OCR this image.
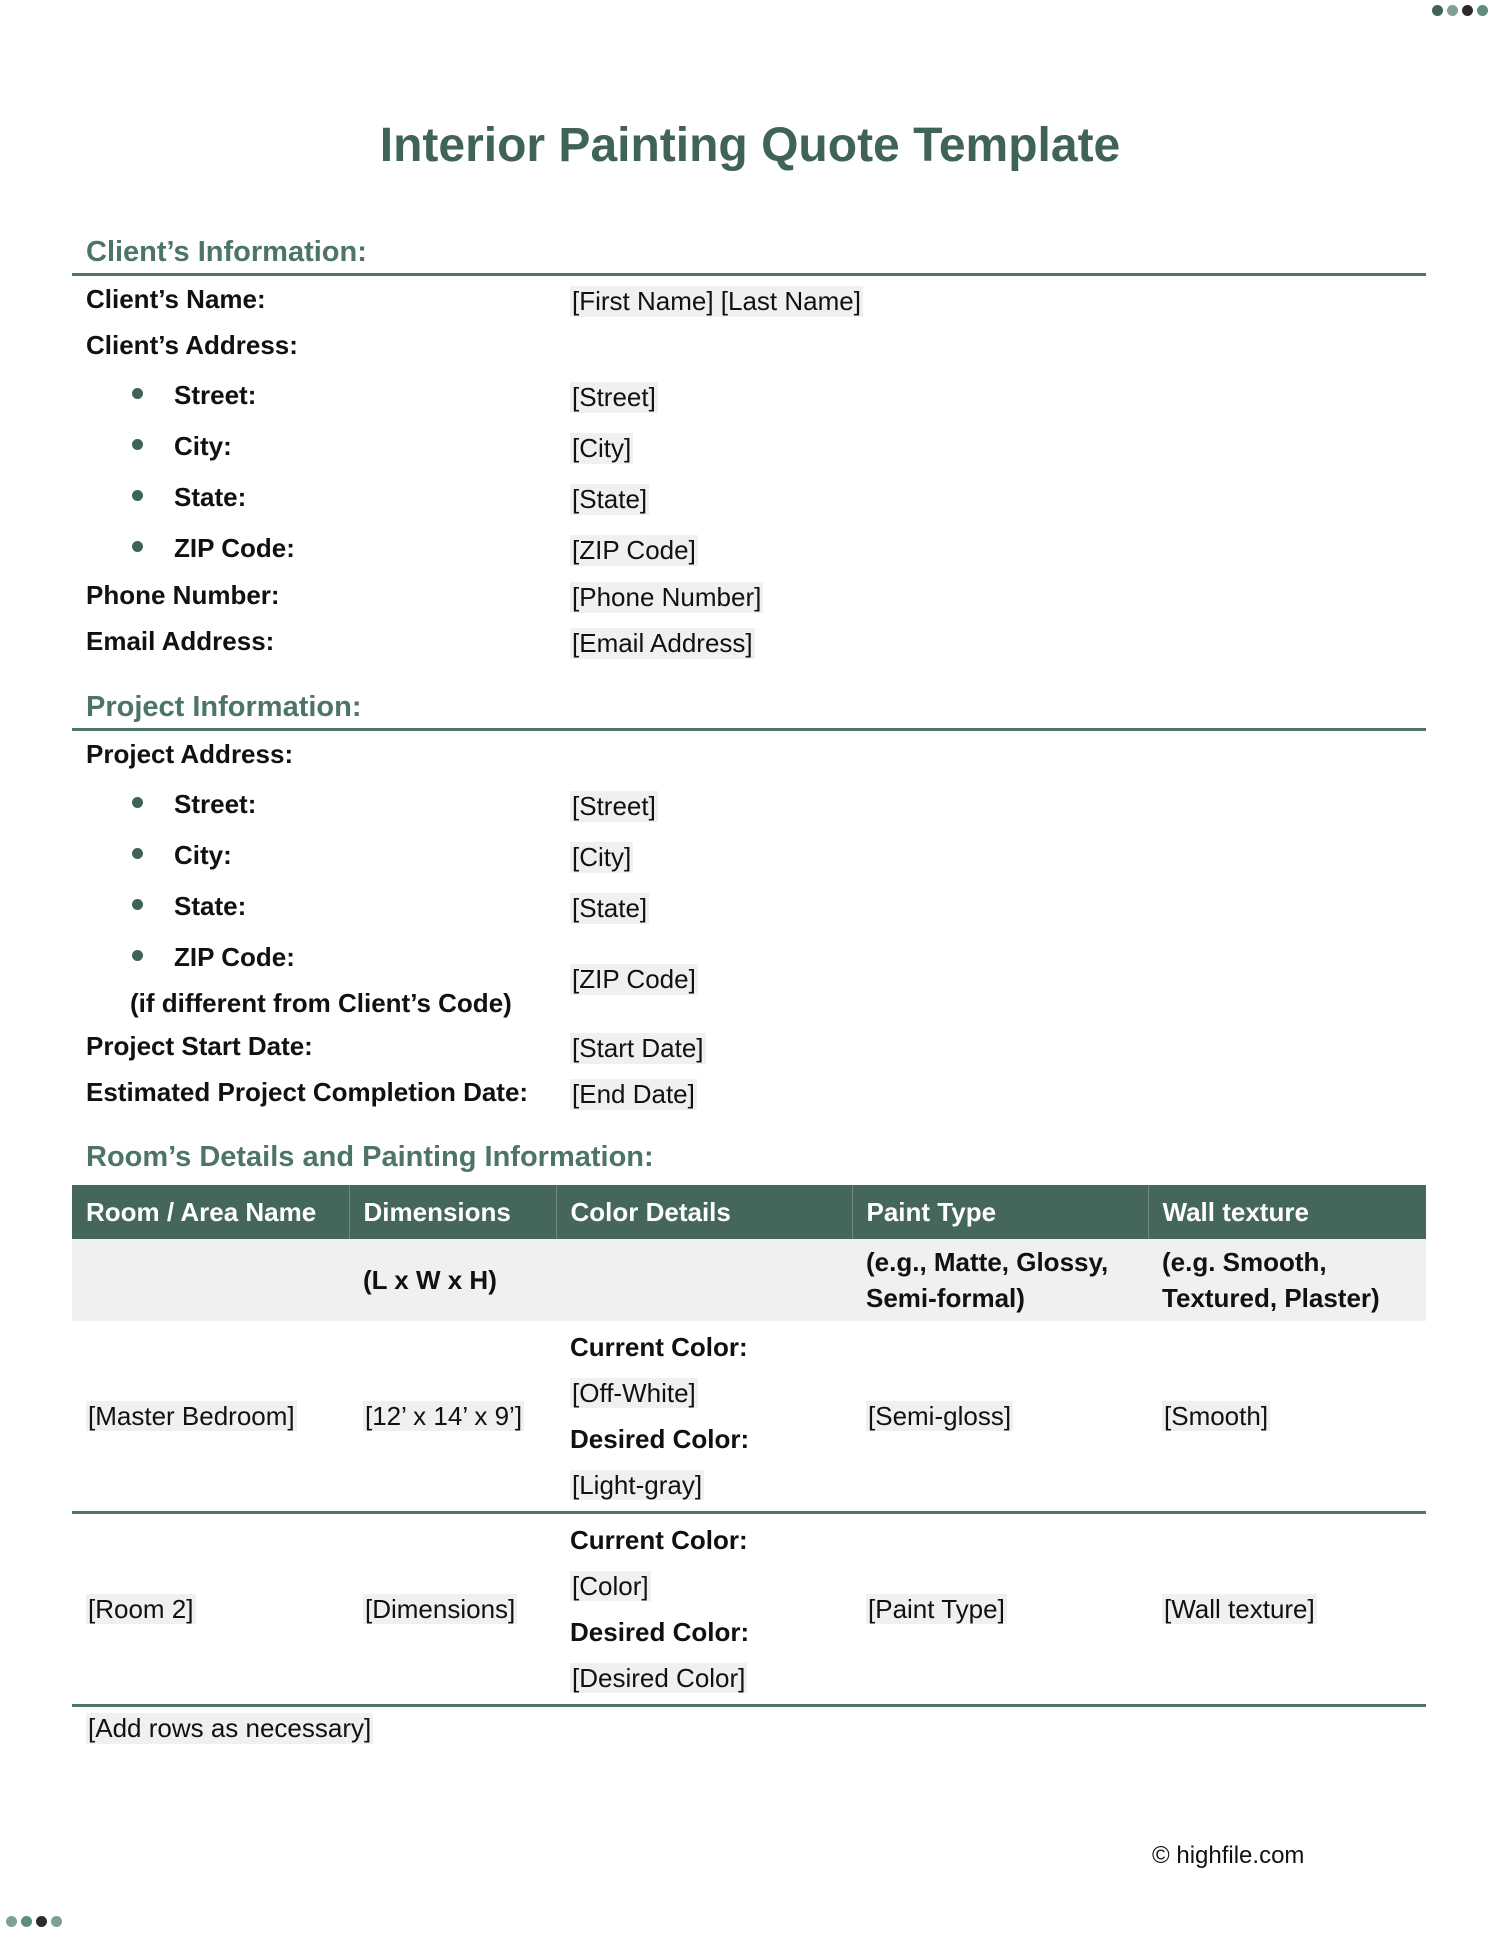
Interior Painting Quote Template
Client’s Information:
Client’s Name:	[First Name] [Last Name]
Client’s Address:
Street:	[Street]
City:	[City]
State:	[State]
ZIP Code:	[ZIP Code]
Phone Number:	[Phone Number]
Email Address:	[Email Address]
Project Information:
Project Address:
Street:	[Street]
City:	[City]
State:	[State]
ZIP Code:
[ZIP Code]
(if different from Client’s Code)
Project Start Date:	[Start Date]
Estimated Project Completion Date: [End Date]
Room’s Details and Painting Information:
Room / Area Name	Dimensions	Color Details	Paint Type	Wall texture
	(L x W x H)		(e.g., Matte, Glossy, Semi-formal)	(e.g. Smooth, Textured, Plaster)
[Master Bedroom]	[12’ x 14’ x 9’]	Current Color:
[Off-White]
Desired Color:
[Light-gray]	[Semi-gloss]	[Smooth]
[Room 2]	[Dimensions]	Current Color:
[Color]
Desired Color:
[Desired Color]	[Paint Type]	[Wall texture]
[Add rows as necessary]
© highfile.com
